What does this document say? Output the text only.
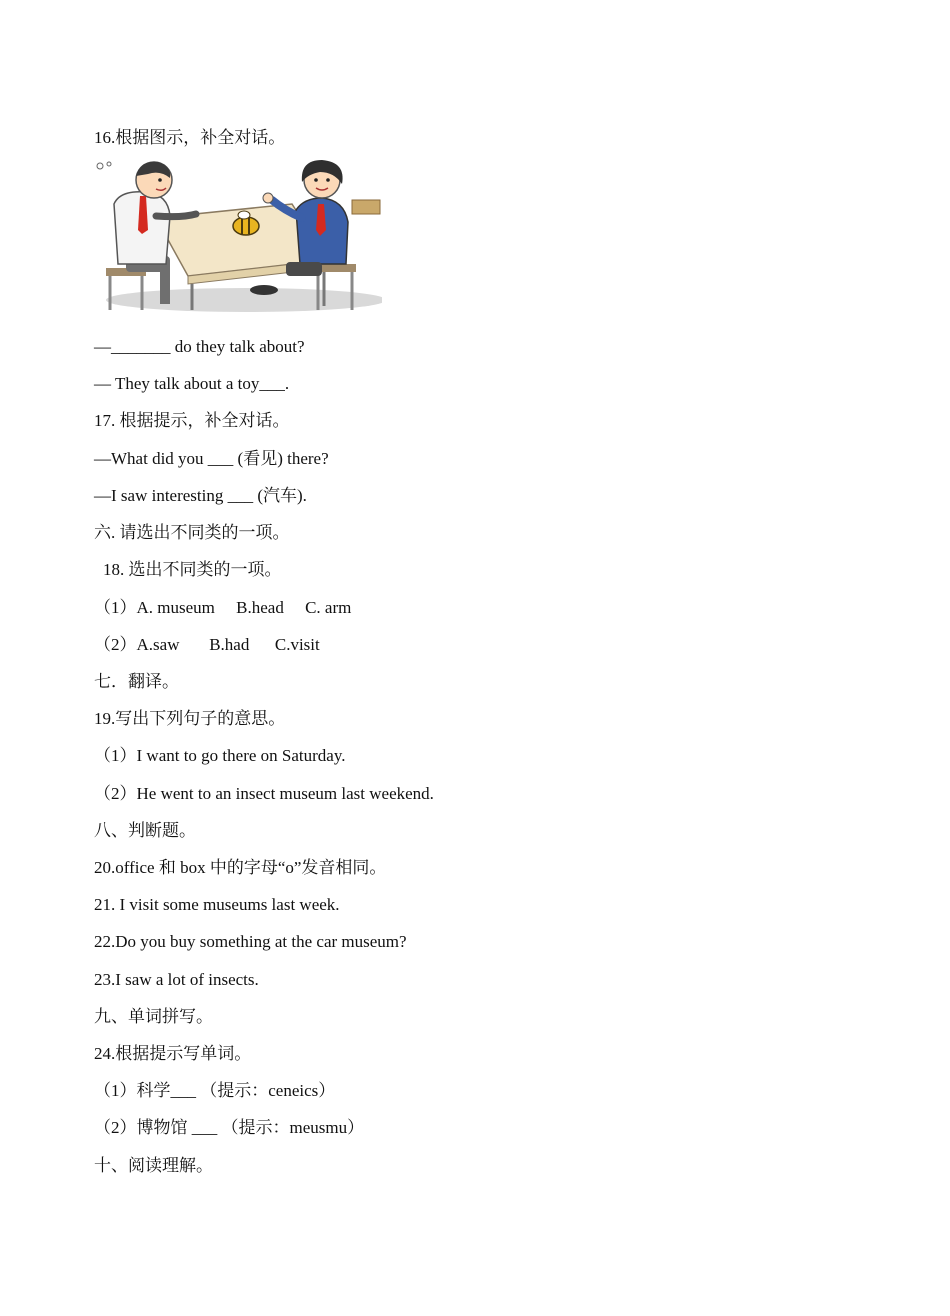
16.根据图示，补全对话。
—_______ do they talk about?
— They talk about a toy___.
17. 根据提示，补全对话。
—What did you ___ (看见) there?
—I saw interesting ___ (汽车).
六. 请选出不同类的一项。
18. 选出不同类的一项。
（1）A. museum     B.head     C. arm
（2）A.saw       B.had      C.visit
七．翻译。
19.写出下列句子的意思。
（1）I want to go there on Saturday.
（2）He went to an insect museum last weekend.
八、判断题。
20.office 和 box 中的字母“o”发音相同。
21. I visit some museums last week.
22.Do you buy something at the car museum?
23.I saw a lot of insects.
九、单词拼写。
24.根据提示写单词。
（1）科学___ （提示：ceneics）
（2）博物馆 ___ （提示：meusmu）
十、阅读理解。
